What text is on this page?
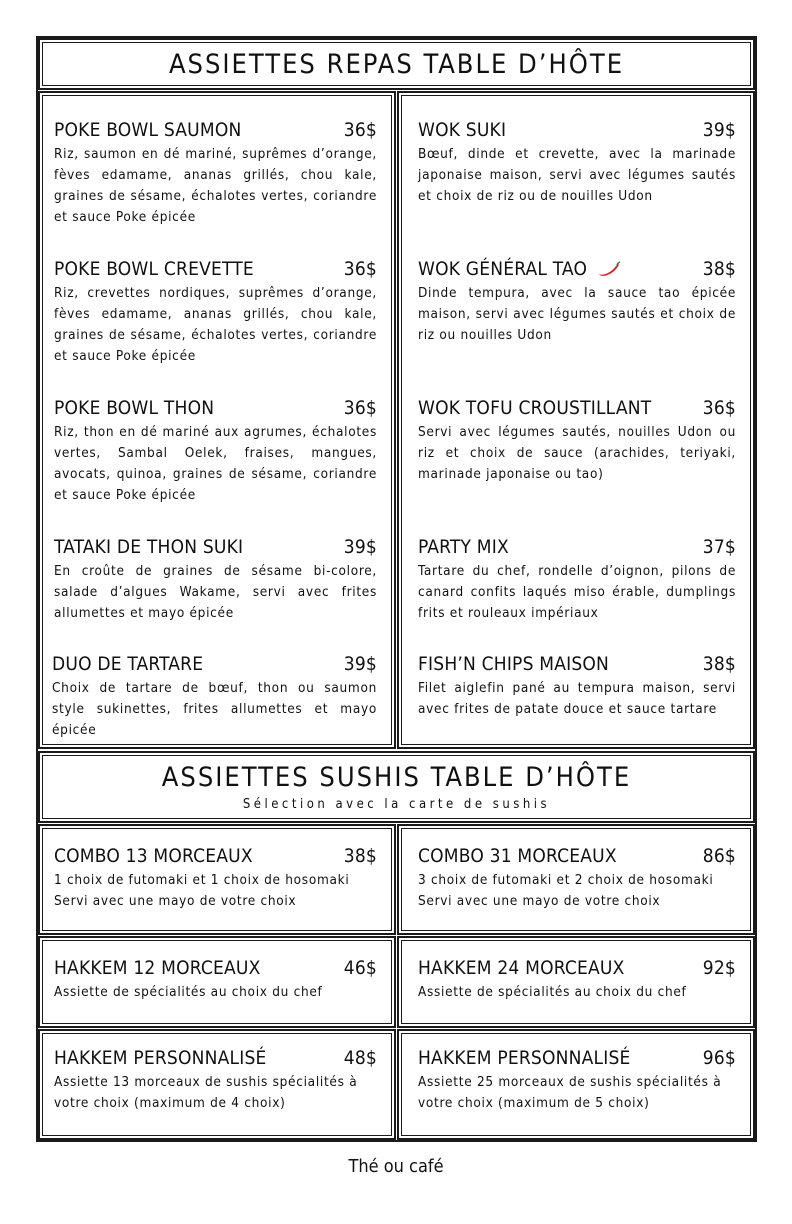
ASSIETTES REPAS TABLE D’HÔTE
POKE BOWL SAUMON	36$
Riz, saumon en dé mariné, suprêmes d’orange, fèves edamame, ananas grillés, chou kale, graines de sésame, échalotes vertes, coriandre et sauce Poke épicée
POKE BOWL CREVETTE	36$
Riz, crevettes nordiques, suprêmes d’orange, fèves edamame, ananas grillés, chou kale, graines de sésame, échalotes vertes, coriandre et sauce Poke épicée
POKE BOWL THON	36$
Riz, thon en dé mariné aux agrumes, échalotes vertes, Sambal Oelek, fraises, mangues, avocats, quinoa, graines de sésame, coriandre et sauce Poke épicée
TATAKI DE THON SUKI	39$
En croûte de graines de sésame bi-colore, salade d’algues Wakame, servi avec frites allumettes et mayo épicée
DUO DE TARTARE	39$
Choix de tartare de bœuf, thon ou saumon style sukinettes, frites allumettes et mayo épicée
WOK SUKI	39$
Bœuf, dinde et crevette, avec la marinade japonaise maison, servi avec légumes sautés et choix de riz ou de nouilles Udon
WOK GÉNÉRAL TAO	38$
Dinde tempura, avec la sauce tao épicée maison, servi avec légumes sautés et choix de riz ou nouilles Udon
WOK TOFU CROUSTILLANT	36$
Servi avec légumes sautés, nouilles Udon ou riz et choix de sauce (arachides, teriyaki, marinade japonaise ou tao)
PARTY MIX	37$
Tartare du chef, rondelle d’oignon, pilons de canard confits laqués miso érable, dumplings frits et rouleaux impériaux
FISH’N CHIPS MAISON	38$
Filet aiglefin pané au tempura maison, servi avec frites de patate douce et sauce tartare
ASSIETTES SUSHIS TABLE D’HÔTE
Sélection avec la carte de sushis
COMBO 13 MORCEAUX	38$
1 choix de futomaki et 1 choix de hosomaki Servi avec une mayo de votre choix
COMBO 31 MORCEAUX	86$
3 choix de futomaki et 2 choix de hosomaki Servi avec une mayo de votre choix
HAKKEM 12 MORCEAUX	46$
Assiette de spécialités au choix du chef
HAKKEM 24 MORCEAUX	92$
Assiette de spécialités au choix du chef
HAKKEM PERSONNALISÉ	48$
Assiette 13 morceaux de sushis spécialités à votre choix (maximum de 4 choix)
HAKKEM PERSONNALISÉ	96$
Assiette 25 morceaux de sushis spécialités à votre choix (maximum de 5 choix)
Thé ou café
